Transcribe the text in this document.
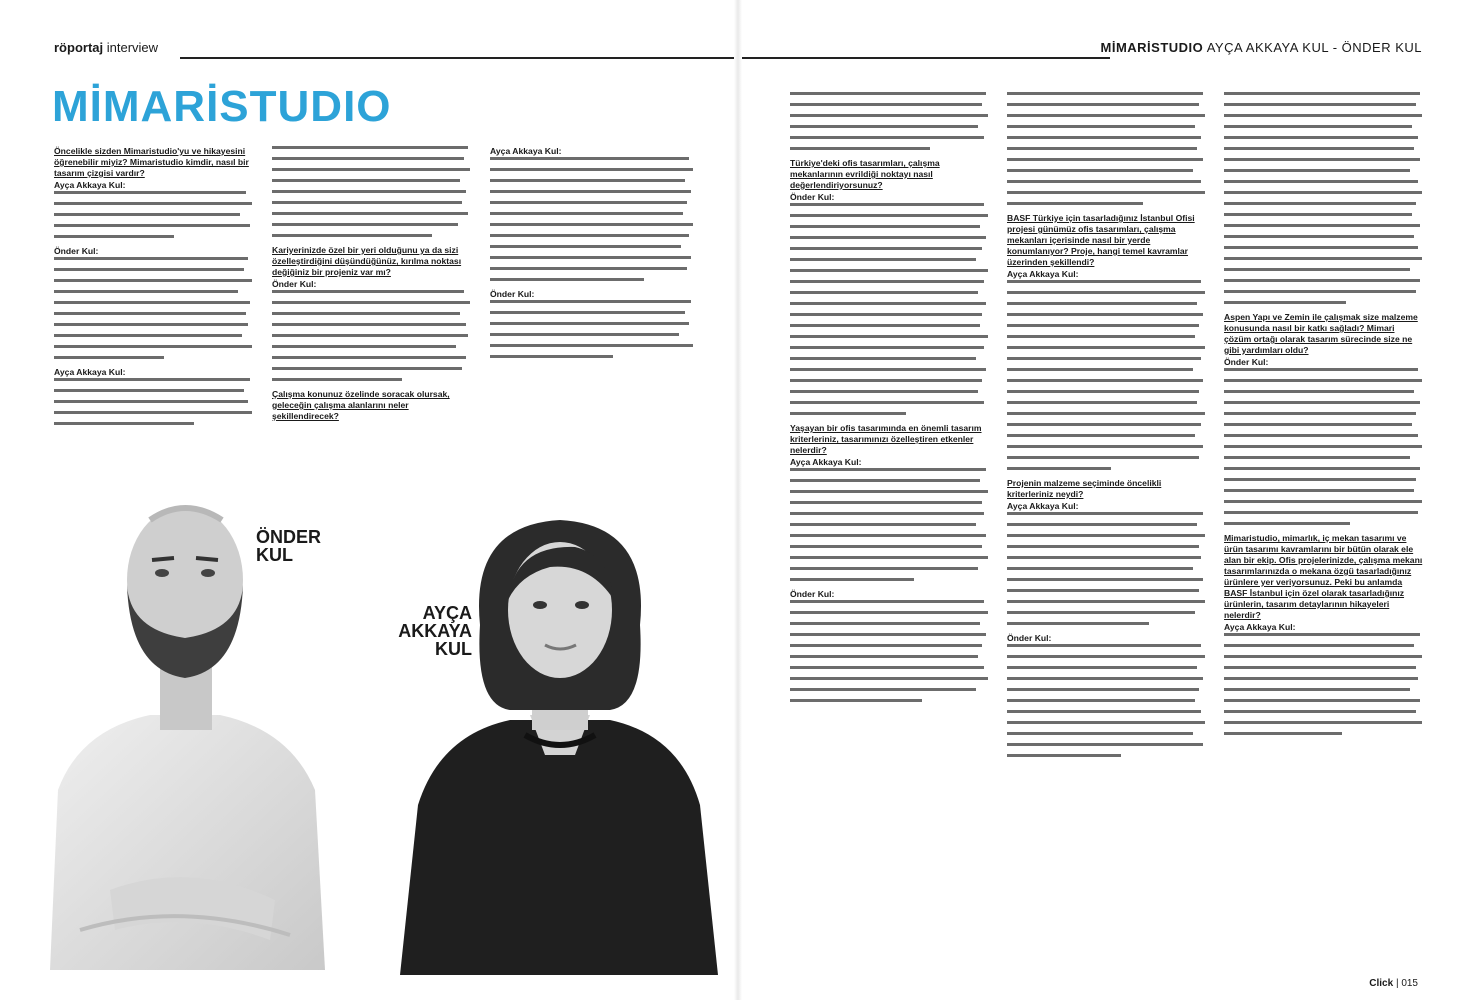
röportaj interview	MİMARİSTUDIO AYÇA AKKAYA KUL - ÖNDER KUL
MİMARİSTUDIO

Öncelikle sizden Mimaristudio'yu ve hikayesini öğrenebilir miyiz? Mimaristudio kimdir, nasıl bir tasarım çizgisi vardır?

Ayça Akkaya Kul:

Önder Kul:

Ayça Akkaya Kul:

Kariyerinizde özel bir yeri olduğunu ya da sizi özelleştirdiğini düşündüğünüz, kırılma noktası değiğiniz bir projeniz var mı?

Önder Kul:

Çalışma konunuz özelinde soracak olursak, geleceğin çalışma alanlarını neler şekillendirecek?

Ayça Akkaya Kul:

Önder Kul:

ÖNDER
KUL
AYÇA
AKKAYA
KUL

Türkiye'deki ofis tasarımları, çalışma mekanlarının evrildiği noktayı nasıl değerlendiriyorsunuz?

Önder Kul:

Yaşayan bir ofis tasarımında en önemli tasarım kriterleriniz, tasarımınızı özelleştiren etkenler nelerdir?

Ayça Akkaya Kul:

Önder Kul:

BASF Türkiye için tasarladığınız İstanbul Ofisi projesi günümüz ofis tasarımları, çalışma mekanları içerisinde nasıl bir yerde konumlanıyor? Proje, hangi temel kavramlar üzerinden şekillendi?

Ayça Akkaya Kul:

Projenin malzeme seçiminde öncelikli kriterleriniz neydi?

Ayça Akkaya Kul:

Önder Kul:

Aspen Yapı ve Zemin ile çalışmak size malzeme konusunda nasıl bir katkı sağladı? Mimari çözüm ortağı olarak tasarım sürecinde size ne gibi yardımları oldu?

Önder Kul:

Mimaristudio, mimarlık, iç mekan tasarımı ve ürün tasarımı kavramlarını bir bütün olarak ele alan bir ekip. Ofis projelerinizde, çalışma mekanı tasarımlarınızda o mekana özgü tasarladığınız ürünlere yer veriyorsunuz. Peki bu anlamda BASF İstanbul için özel olarak tasarladığınız ürünlerin, tasarım detaylarının hikayeleri nelerdir?

Ayça Akkaya Kul:

Click | 015
